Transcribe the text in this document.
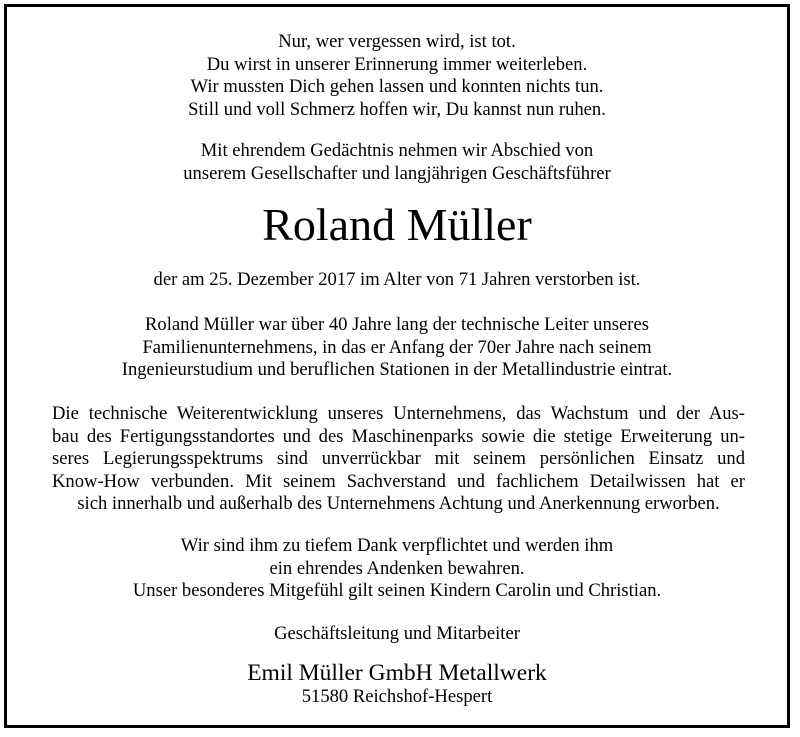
Nur, wer vergessen wird, ist tot.
Du wirst in unserer Erinnerung immer weiterleben.
Wir mussten Dich gehen lassen und konnten nichts tun.
Still und voll Schmerz hoffen wir, Du kannst nun ruhen.
Mit ehrendem Gedächtnis nehmen wir Abschied von
unserem Gesellschafter und langjährigen Geschäftsführer
Roland Müller
der am 25. Dezember 2017 im Alter von 71 Jahren verstorben ist.
Roland Müller war über 40 Jahre lang der technische Leiter unseres
Familienunternehmens, in das er Anfang der 70er Jahre nach seinem
Ingenieurstudium und beruflichen Stationen in der Metallindustrie eintrat.
Die technische Weiterentwicklung unseres Unternehmens, das Wachstum und der Aus-
bau des Fertigungsstandortes und des Maschinenparks sowie die stetige Erweiterung un-
seres Legierungsspektrums sind unverrückbar mit seinem persönlichen Einsatz und
Know-How verbunden. Mit seinem Sachverstand und fachlichem Detailwissen hat er
sich innerhalb und außerhalb des Unternehmens Achtung und Anerkennung erworben.
Wir sind ihm zu tiefem Dank verpflichtet und werden ihm
ein ehrendes Andenken bewahren.
Unser besonderes Mitgefühl gilt seinen Kindern Carolin und Christian.
Geschäftsleitung und Mitarbeiter
Emil Müller GmbH Metallwerk
51580 Reichshof-Hespert
